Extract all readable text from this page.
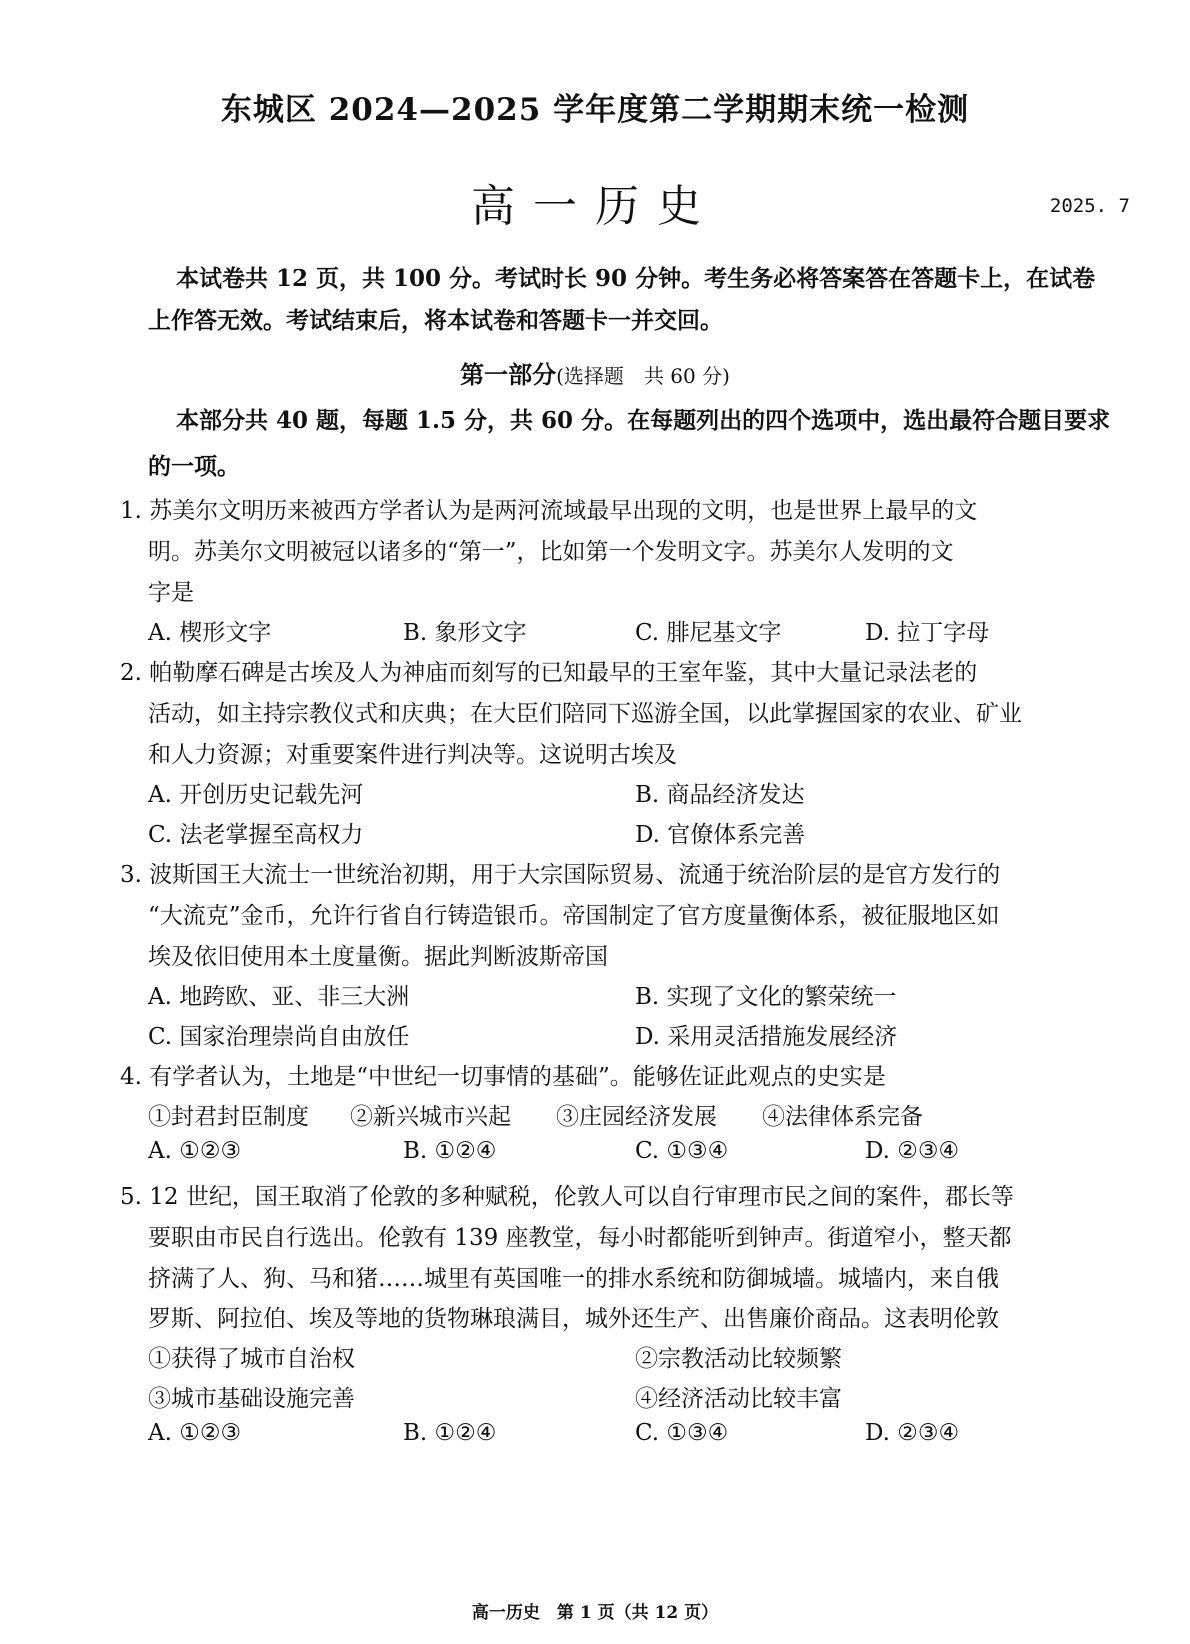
东城区 2024—2025 学年度第二学期期末统一检测
高一历史	2025. 7
本试卷共 12 页，共 100 分。考试时长 90 分钟。考生务必将答案答在答题卡上，在试卷上作答无效。考试结束后，将本试卷和答题卡一并交回。
第一部分(选择题　共 60 分)
本部分共 40 题，每题 1.5 分，共 60 分。在每题列出的四个选项中，选出最符合题目要求的一项。
1. 苏美尔文明历来被西方学者认为是两河流域最早出现的文明，也是世界上最早的文
明。苏美尔文明被冠以诸多的“第一”，比如第一个发明文字。苏美尔人发明的文
字是
A. 楔形文字	B. 象形文字	C. 腓尼基文字	D. 拉丁字母
2. 帕勒摩石碑是古埃及人为神庙而刻写的已知最早的王室年鉴，其中大量记录法老的
活动，如主持宗教仪式和庆典；在大臣们陪同下巡游全国，以此掌握国家的农业、矿业
和人力资源；对重要案件进行判决等。这说明古埃及
A. 开创历史记载先河	B. 商品经济发达
C. 法老掌握至高权力	D. 官僚体系完善
3. 波斯国王大流士一世统治初期，用于大宗国际贸易、流通于统治阶层的是官方发行的
“大流克”金币，允许行省自行铸造银币。帝国制定了官方度量衡体系，被征服地区如
埃及依旧使用本土度量衡。据此判断波斯帝国
A. 地跨欧、亚、非三大洲	B. 实现了文化的繁荣统一
C. 国家治理崇尚自由放任	D. 采用灵活措施发展经济
4. 有学者认为，土地是“中世纪一切事情的基础”。能够佐证此观点的史实是
①封君封臣制度 ②新兴城市兴起 ③庄园经济发展 ④法律体系完备
A. ①②③	B. ①②④	C. ①③④	D. ②③④
5. 12 世纪，国王取消了伦敦的多种赋税，伦敦人可以自行审理市民之间的案件，郡长等
要职由市民自行选出。伦敦有 139 座教堂，每小时都能听到钟声。街道窄小，整天都
挤满了人、狗、马和猪……城里有英国唯一的排水系统和防御城墙。城墙内，来自俄
罗斯、阿拉伯、埃及等地的货物琳琅满目，城外还生产、出售廉价商品。这表明伦敦
①获得了城市自治权	②宗教活动比较频繁
③城市基础设施完善	④经济活动比较丰富
A. ①②③	B. ①②④	C. ①③④	D. ②③④
高一历史　第 1 页（共 12 页）
